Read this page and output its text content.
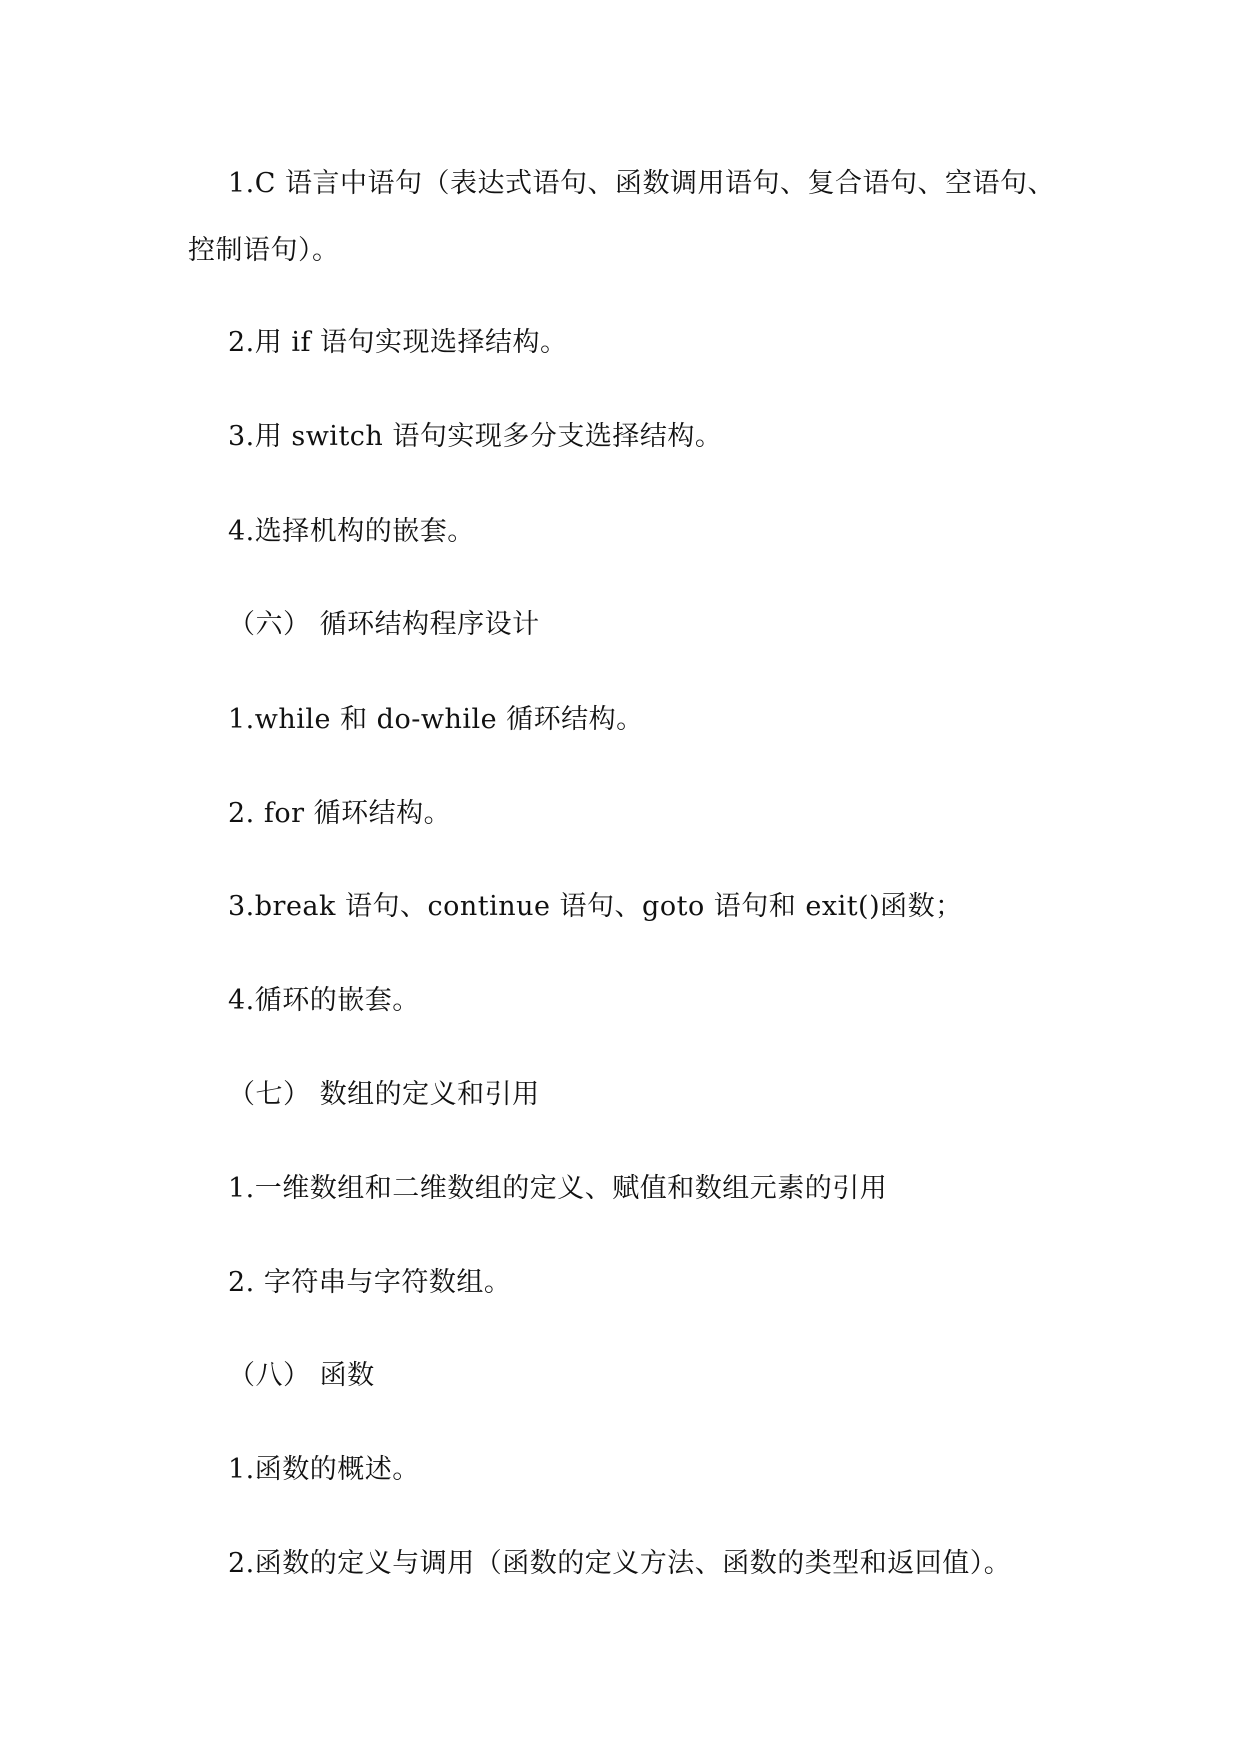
1.C 语言中语句（表达式语句、函数调用语句、复合语句、空语句、
控制语句）。
2.用 if 语句实现选择结构。
3.用 switch 语句实现多分支选择结构。
4.选择机构的嵌套。
（六） 循环结构程序设计
1.while 和 do-while 循环结构。
2. for 循环结构。
3.break 语句、continue 语句、goto 语句和 exit()函数；
4.循环的嵌套。
（七） 数组的定义和引用
1.一维数组和二维数组的定义、赋值和数组元素的引用
2. 字符串与字符数组。
（八） 函数
1.函数的概述。
2.函数的定义与调用（函数的定义方法、函数的类型和返回值）。
